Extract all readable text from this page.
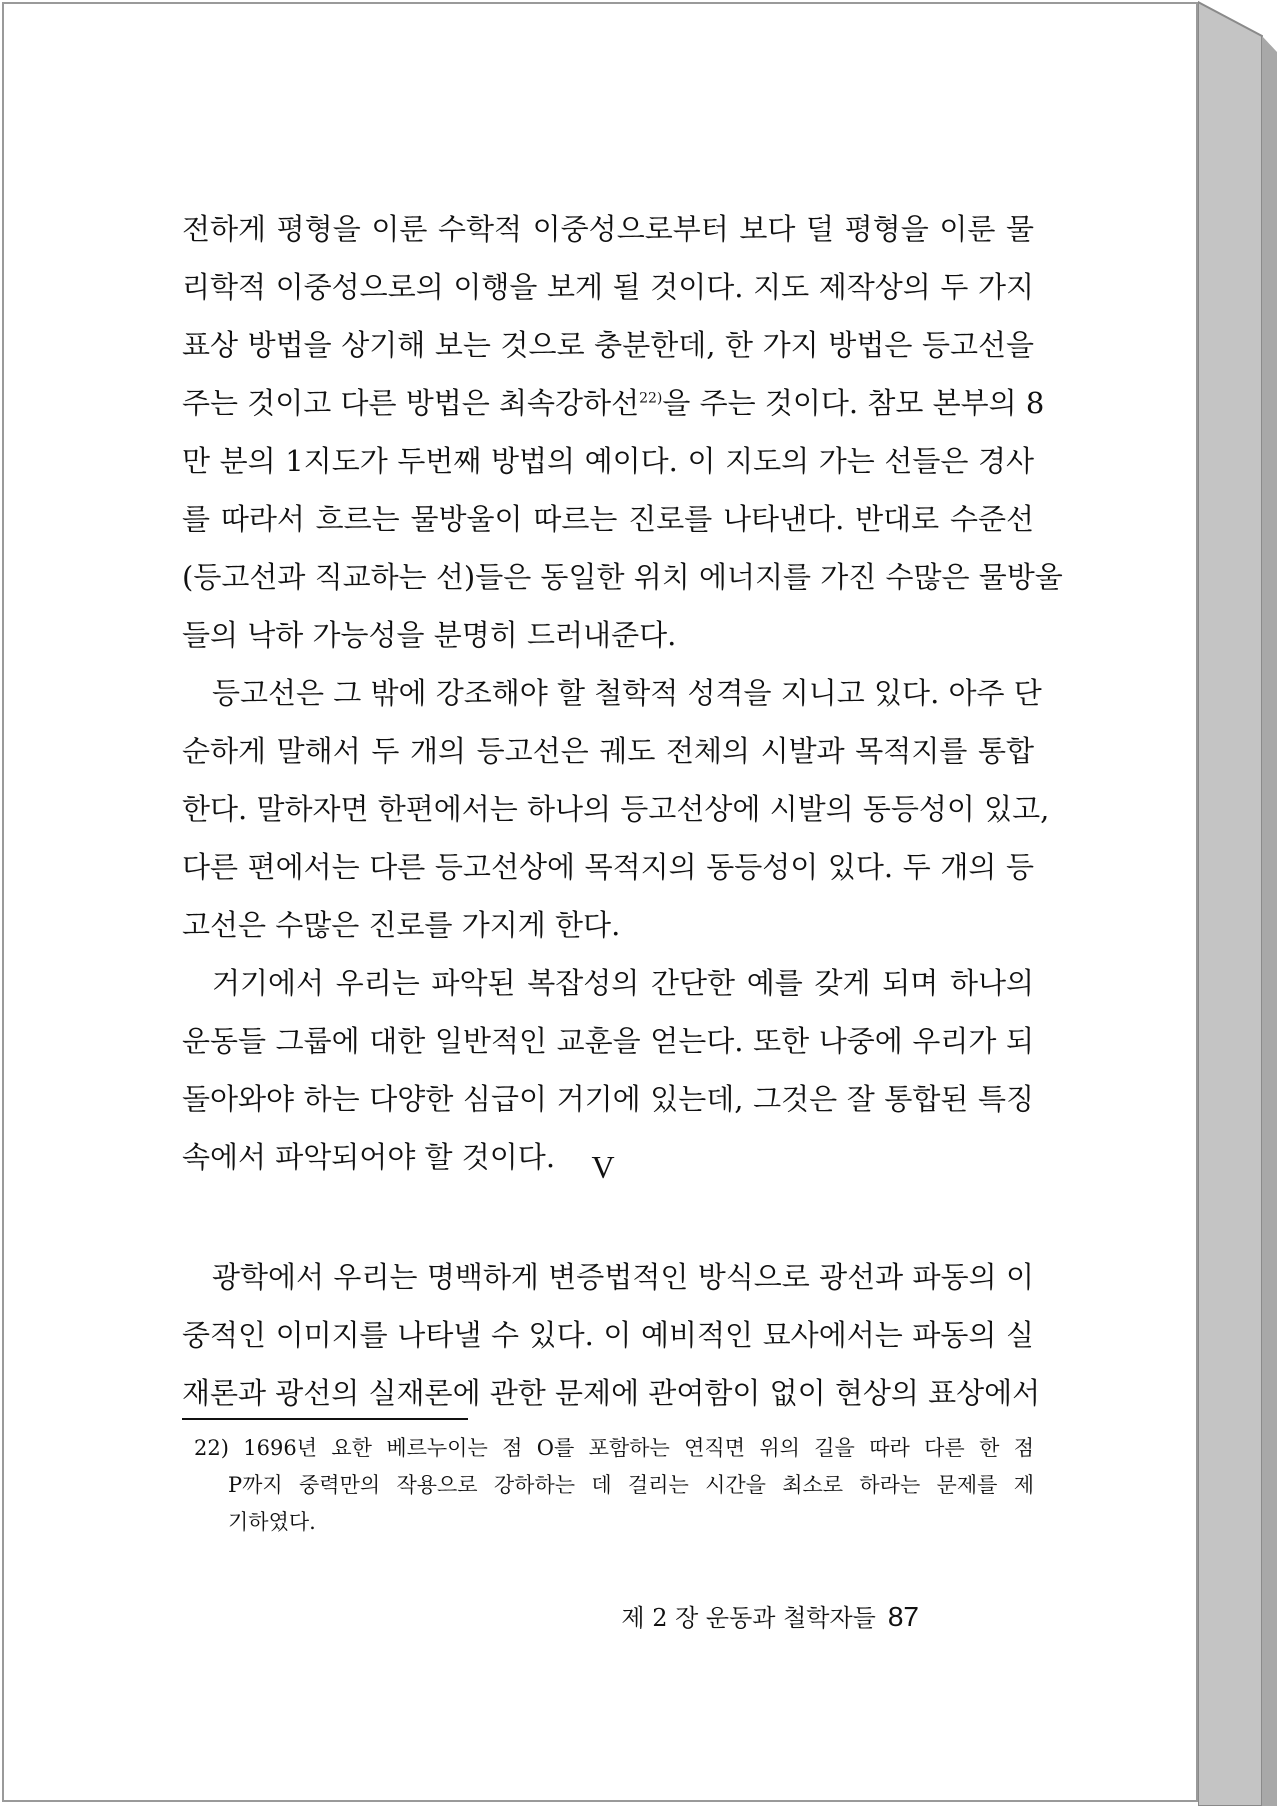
전하게 평형을 이룬 수학적 이중성으로부터 보다 덜 평형을 이룬 물
리학적 이중성으로의 이행을 보게 될 것이다. 지도 제작상의 두 가지
표상 방법을 상기해 보는 것으로 충분한데, 한 가지 방법은 등고선을
주는 것이고 다른 방법은 최속강하선$^{22)}$을 주는 것이다. 참모 본부의 8
만 분의 1지도가 두번째 방법의 예이다. 이 지도의 가는 선들은 경사
를 따라서 흐르는 물방울이 따르는 진로를 나타낸다. 반대로 수준선
(등고선과 직교하는 선)들은 동일한 위치 에너지를 가진 수많은 물방울
들의 낙하 가능성을 분명히 드러내준다.
등고선은 그 밖에 강조해야 할 철학적 성격을 지니고 있다. 아주 단
순하게 말해서 두 개의 등고선은 궤도 전체의 시발과 목적지를 통합
한다. 말하자면 한편에서는 하나의 등고선상에 시발의 동등성이 있고,
다른 편에서는 다른 등고선상에 목적지의 동등성이 있다. 두 개의 등
고선은 수많은 진로를 가지게 한다.
거기에서 우리는 파악된 복잡성의 간단한 예를 갖게 되며 하나의
운동들 그룹에 대한 일반적인 교훈을 얻는다. 또한 나중에 우리가 되
돌아와야 하는 다양한 심급이 거기에 있는데, 그것은 잘 통합된 특징
속에서 파악되어야 할 것이다.	V
광학에서 우리는 명백하게 변증법적인 방식으로 광선과 파동의 이
중적인 이미지를 나타낼 수 있다. 이 예비적인 묘사에서는 파동의 실
재론과 광선의 실재론에 관한 문제에 관여함이 없이 현상의 표상에서
22) 1696년 요한 베르누이는 점 O를 포함하는 연직면 위의 길을 따라 다른 한 점
P까지 중력만의 작용으로 강하하는 데 걸리는 시간을 최소로 하라는 문제를 제
기하였다.
제 2 장 운동과 철학자들 87
